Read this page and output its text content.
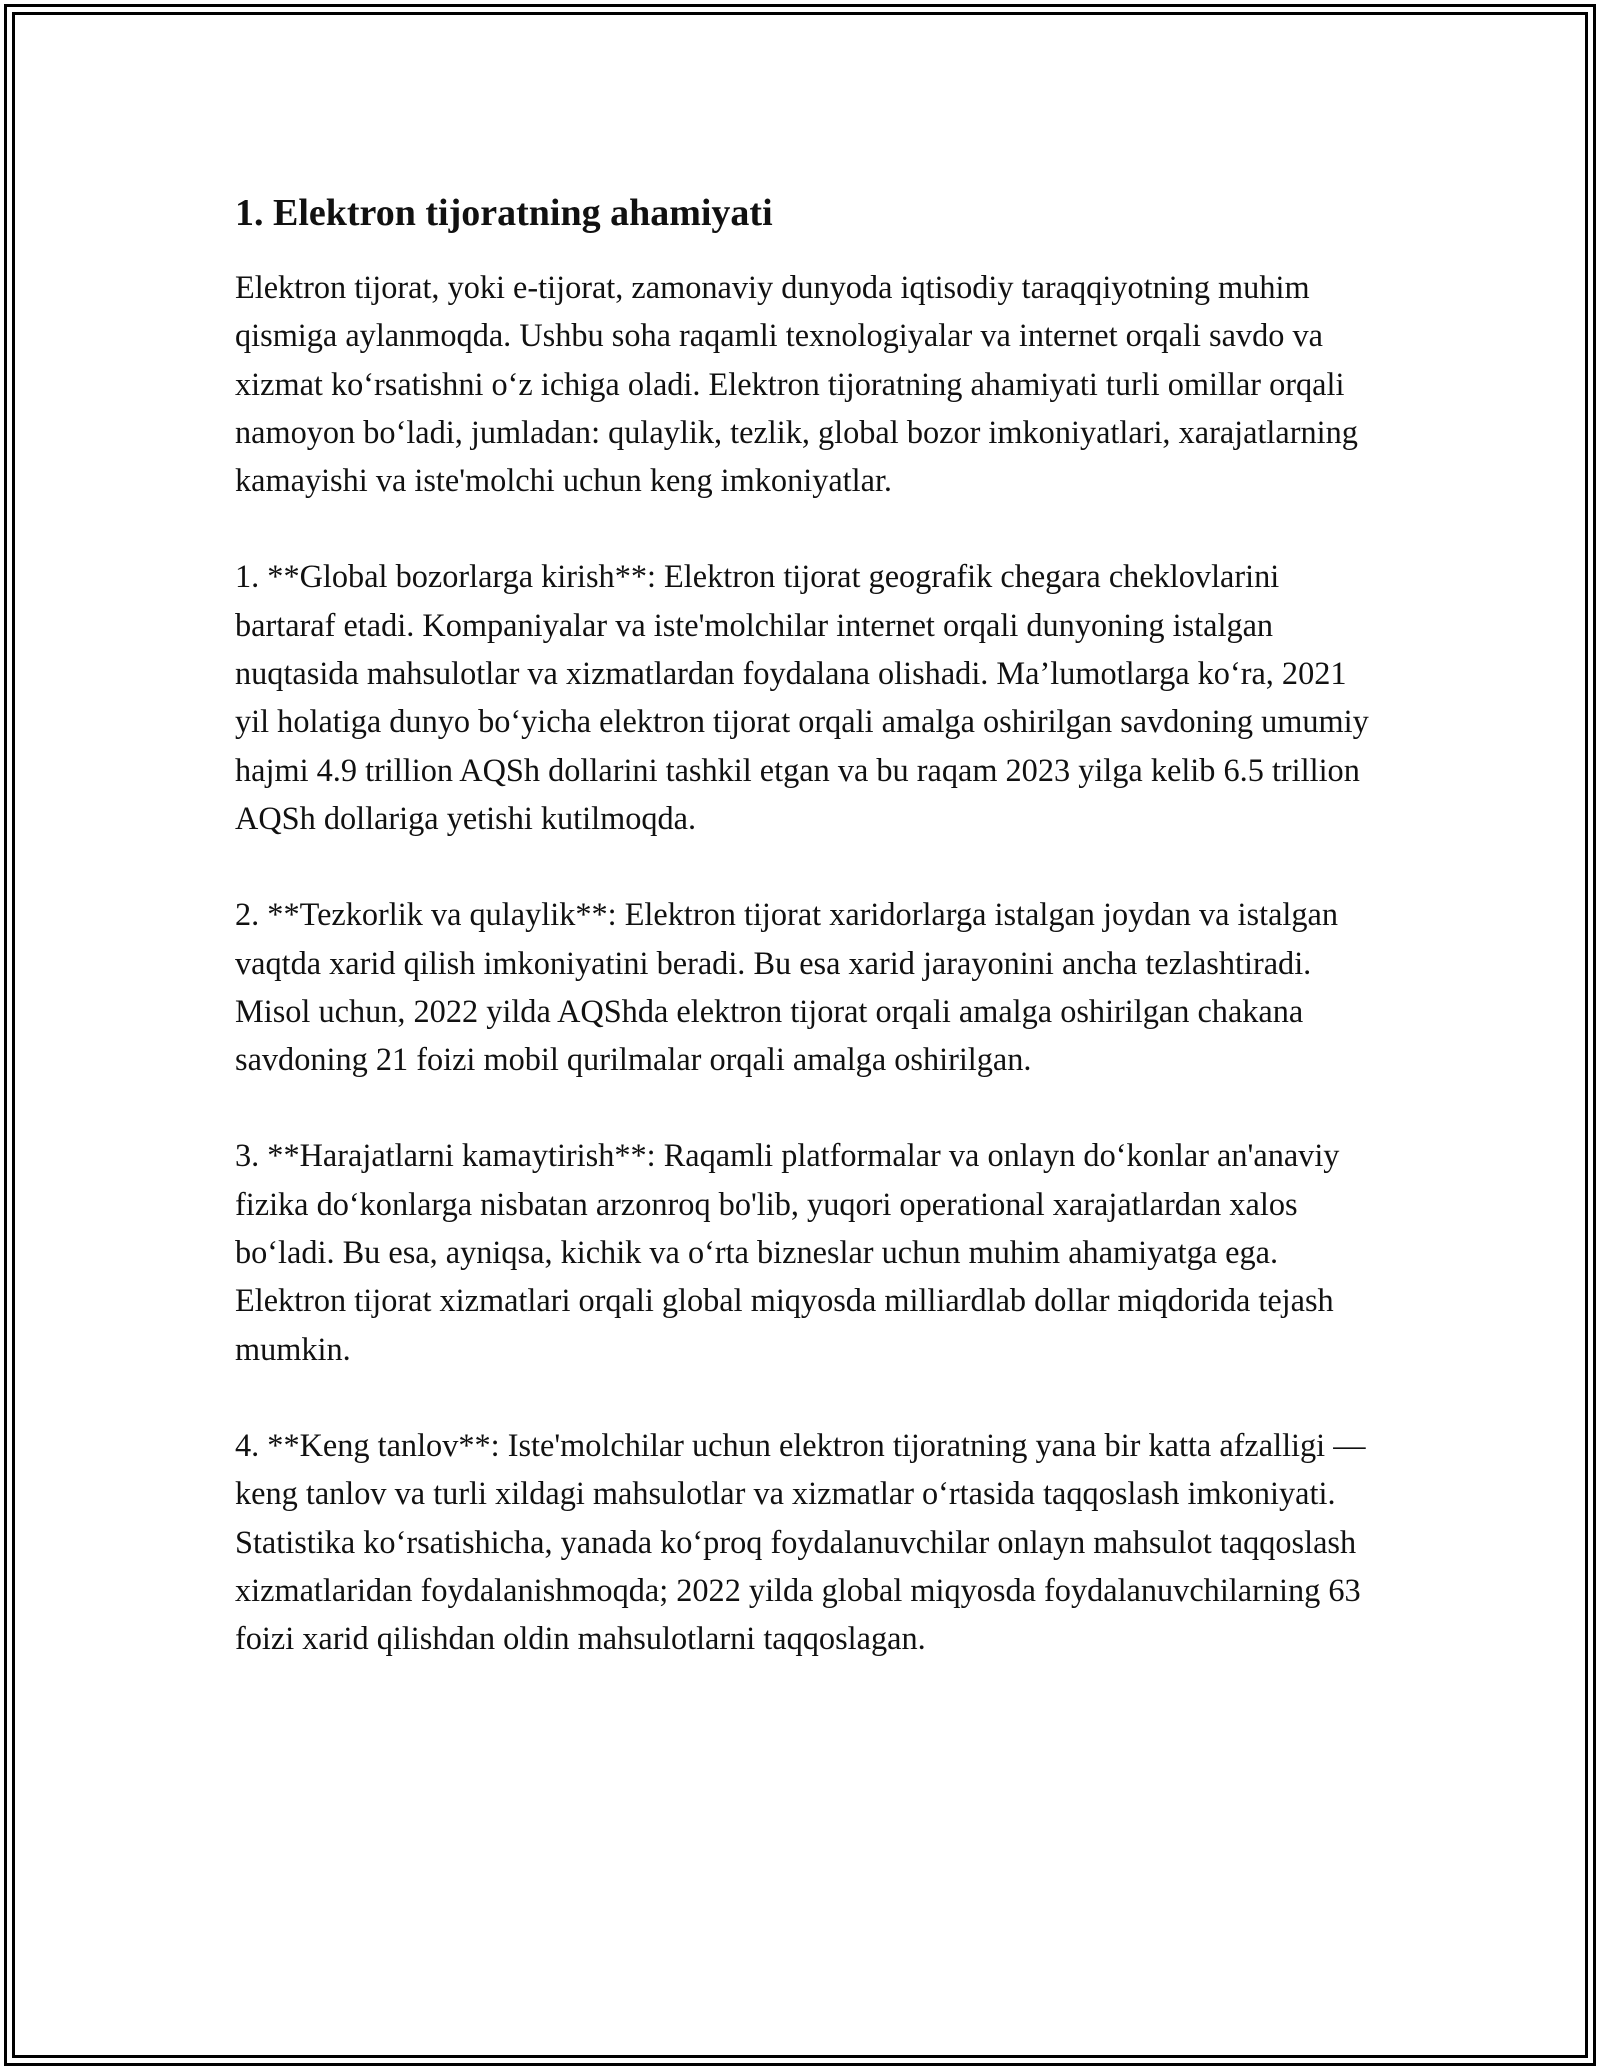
1. Elektron tijoratning ahamiyati

Elektron tijorat, yoki e-tijorat, zamonaviy dunyoda iqtisodiy taraqqiyotning muhim qismiga aylanmoqda. Ushbu soha raqamli texnologiyalar va internet orqali savdo va xizmat ko‘rsatishni o‘z ichiga oladi. Elektron tijoratning ahamiyati turli omillar orqali namoyon bo‘ladi, jumladan: qulaylik, tezlik, global bozor imkoniyatlari, xarajatlarning kamayishi va iste'molchi uchun keng imkoniyatlar.

1. **Global bozorlarga kirish**: Elektron tijorat geografik chegara cheklovlarini bartaraf etadi. Kompaniyalar va iste'molchilar internet orqali dunyoning istalgan nuqtasida mahsulotlar va xizmatlardan foydalana olishadi. Ma’lumotlarga ko‘ra, 2021 yil holatiga dunyo bo‘yicha elektron tijorat orqali amalga oshirilgan savdoning umumiy hajmi 4.9 trillion AQSh dollarini tashkil etgan va bu raqam 2023 yilga kelib 6.5 trillion AQSh dollariga yetishi kutilmoqda.

2. **Tezkorlik va qulaylik**: Elektron tijorat xaridorlarga istalgan joydan va istalgan vaqtda xarid qilish imkoniyatini beradi. Bu esa xarid jarayonini ancha tezlashtiradi. Misol uchun, 2022 yilda AQShda elektron tijorat orqali amalga oshirilgan chakana savdoning 21 foizi mobil qurilmalar orqali amalga oshirilgan.

3. **Harajatlarni kamaytirish**: Raqamli platformalar va onlayn do‘konlar an'anaviy fizika do‘konlarga nisbatan arzonroq bo'lib, yuqori operational xarajatlardan xalos bo‘ladi. Bu esa, ayniqsa, kichik va o‘rta bizneslar uchun muhim ahamiyatga ega. Elektron tijorat xizmatlari orqali global miqyosda milliardlab dollar miqdorida tejash mumkin.

4. **Keng tanlov**: Iste'molchilar uchun elektron tijoratning yana bir katta afzalligi — keng tanlov va turli xildagi mahsulotlar va xizmatlar o‘rtasida taqqoslash imkoniyati. Statistika ko‘rsatishicha, yanada ko‘proq foydalanuvchilar onlayn mahsulot taqqoslash xizmatlaridan foydalanishmoqda; 2022 yilda global miqyosda foydalanuvchilarning 63 foizi xarid qilishdan oldin mahsulotlarni taqqoslagan.
